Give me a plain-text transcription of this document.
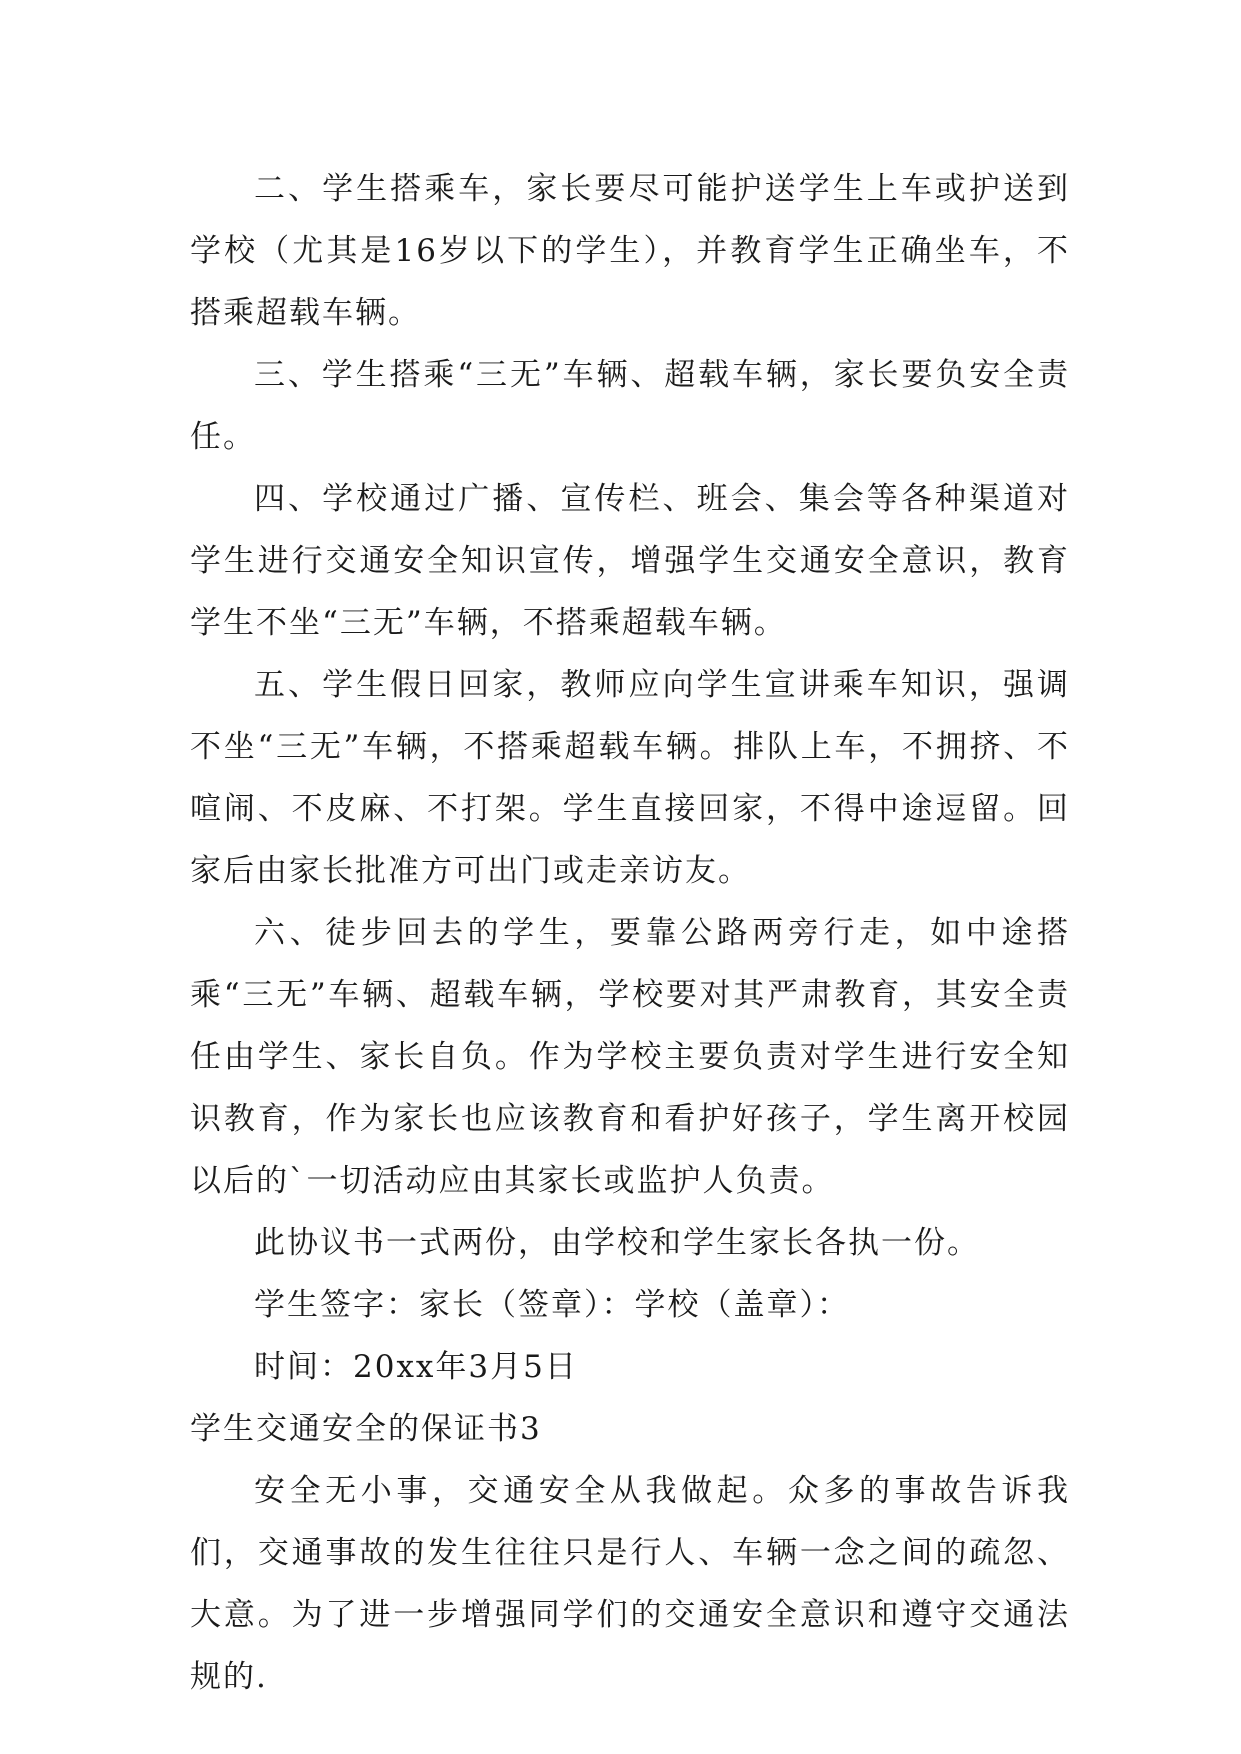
二、学生搭乘车，家长要尽可能护送学生上车或护送到学校（尤其是16岁以下的学生），并教育学生正确坐车，不搭乘超载车辆。

三、学生搭乘“三无”车辆、超载车辆，家长要负安全责任。

四、学校通过广播、宣传栏、班会、集会等各种渠道对学生进行交通安全知识宣传，增强学生交通安全意识，教育学生不坐“三无”车辆，不搭乘超载车辆。

五、学生假日回家，教师应向学生宣讲乘车知识，强调不坐“三无”车辆，不搭乘超载车辆。排队上车，不拥挤、不喧闹、不皮麻、不打架。学生直接回家，不得中途逗留。回家后由家长批准方可出门或走亲访友。

六、徒步回去的学生，要靠公路两旁行走，如中途搭乘“三无”车辆、超载车辆，学校要对其严肃教育，其安全责任由学生、家长自负。作为学校主要负责对学生进行安全知识教育，作为家长也应该教育和看护好孩子，学生离开校园以后的`一切活动应由其家长或监护人负责。

此协议书一式两份，由学校和学生家长各执一份。

学生签字：家长（签章）：学校（盖章）：

时间：20xx年3月5日

学生交通安全的保证书3

安全无小事，交通安全从我做起。众多的事故告诉我们，交通事故的发生往往只是行人、车辆一念之间的疏忽、大意。为了进一步增强同学们的交通安全意识和遵守交通法规的.
